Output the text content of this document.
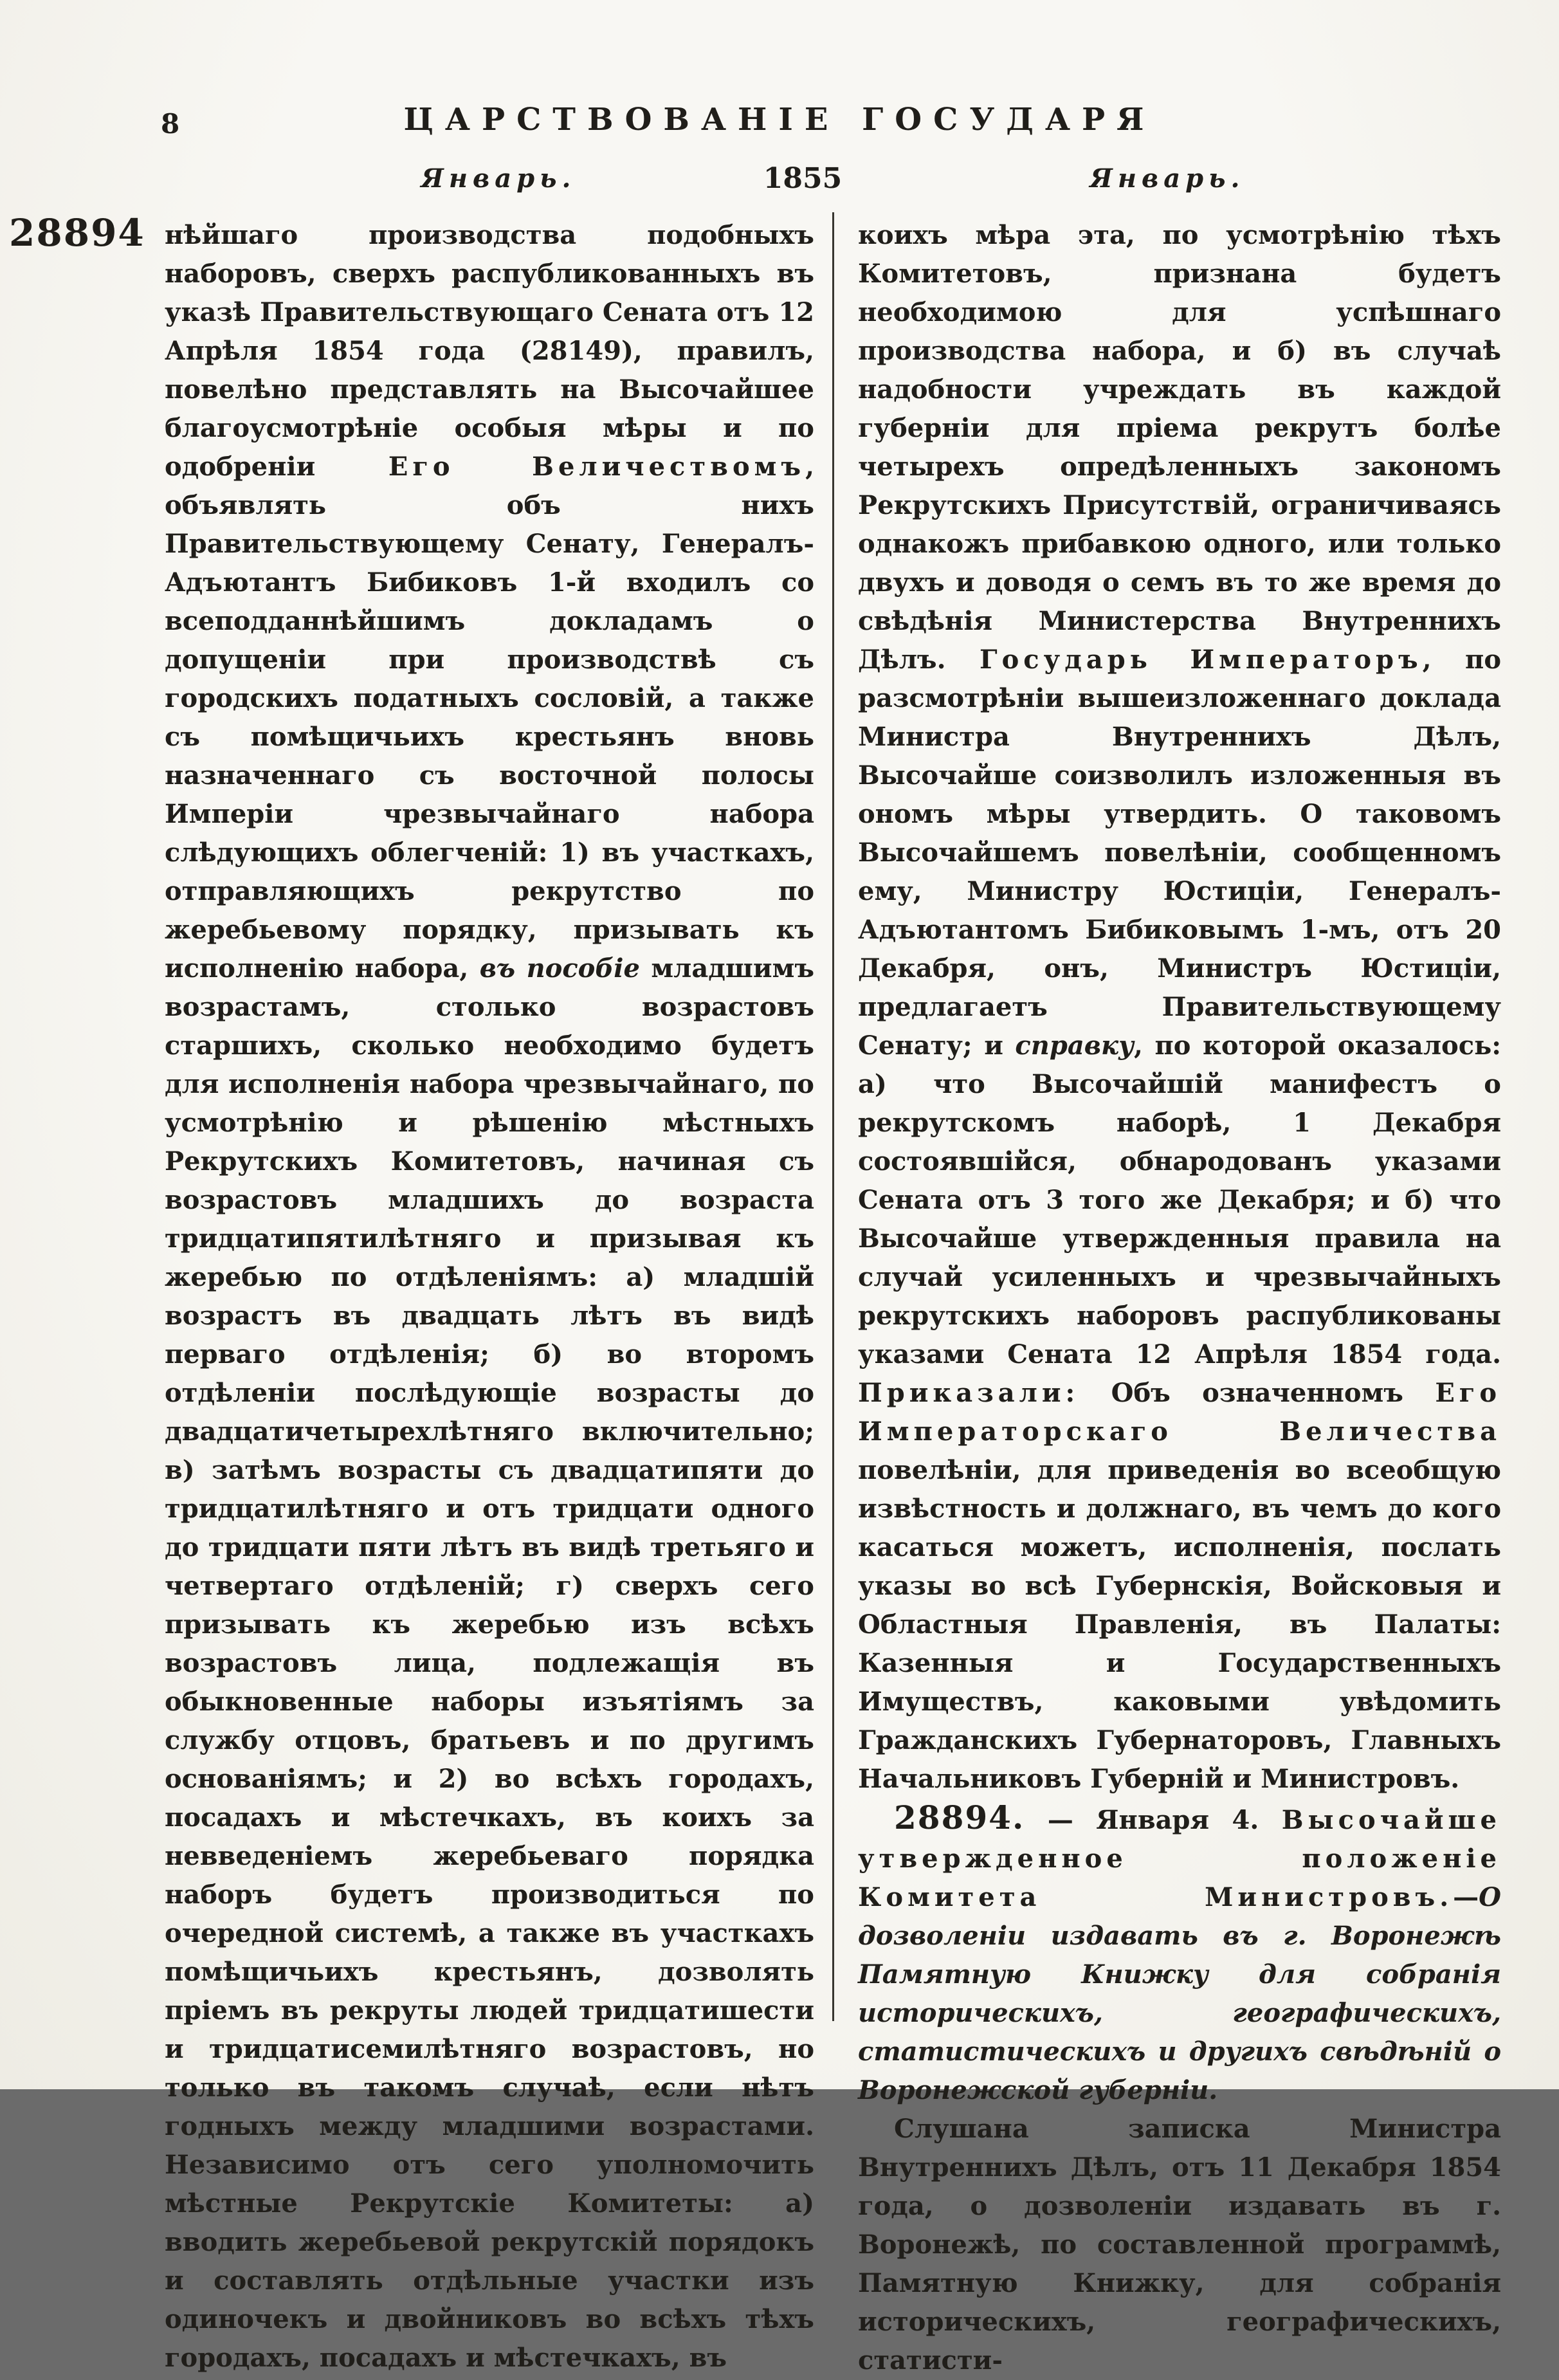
8	ЦАРСТВОВАНІЕ ГОСУДАРЯ
Январь.	1855	Январь.
28894 нѣйшаго производства подобныхъ наборовъ, сверхъ распубликованныхъ въ указѣ Правительствующаго Сената отъ 12 Апрѣля 1854 года (28149), правилъ, повелѣно представлять на Высочайшее благоусмотрѣніе особыя мѣры и по одобреніи Его Величествомъ, объявлять объ нихъ Правительствующему Сенату, Генералъ-Адъютантъ Бибиковъ 1-й входилъ со всеподданнѣйшимъ докладамъ о допущеніи при производствѣ съ городскихъ податныхъ сословій, а также съ помѣщичьихъ крестьянъ вновь назначеннаго съ восточной полосы Имперіи чрезвычайнаго набора слѣдующихъ облегченій: 1) въ участкахъ, отправляющихъ рекрутство по жеребьевому порядку, призывать къ исполненію набора, въ пособіе младшимъ возрастамъ, столько возрастовъ старшихъ, сколько необходимо будетъ для исполненія набора чрезвычайнаго, по усмотрѣнію и рѣшенію мѣстныхъ Рекрутскихъ Комитетовъ, начиная съ возрастовъ младшихъ до возраста тридцатипятилѣтняго и призывая къ жеребью по отдѣленіямъ: а) младшій возрастъ въ двадцать лѣтъ въ видѣ перваго отдѣленія; б) во второмъ отдѣленіи послѣдующіе возрасты до двадцатичетырехлѣтняго включительно; в) затѣмъ возрасты съ двадцатипяти до тридцатилѣтняго и отъ тридцати одного до тридцати пяти лѣтъ въ видѣ третьяго и четвертаго отдѣленій; г) сверхъ сего призывать къ жеребью изъ всѣхъ возрастовъ лица, подлежащія въ обыкновенные наборы изъятіямъ за службу отцовъ, братьевъ и по другимъ основаніямъ; и 2) во всѣхъ городахъ, посадахъ и мѣстечкахъ, въ коихъ за невведеніемъ жеребьеваго порядка наборъ будетъ производиться по очередной системѣ, а также въ участкахъ помѣщичьихъ крестьянъ, дозволять пріемъ въ рекруты людей тридцатишести и тридцатисемилѣтняго возрастовъ, но только въ такомъ случаѣ, если нѣтъ годныхъ между младшими возрастами. Независимо отъ сего уполномочить мѣстные Рекрутскіе Комитеты: а) вводить жеребьевой рекрутскій порядокъ и составлять отдѣльные участки изъ одиночекъ и двойниковъ во всѣхъ тѣхъ городахъ, посадахъ и мѣстечкахъ, въ

коихъ мѣра эта, по усмотрѣнію тѣхъ Комитетовъ, признана будетъ необходимою для успѣшнаго производства набора, и б) въ случаѣ надобности учреждать въ каждой губерніи для пріема рекрутъ болѣе четырехъ опредѣленныхъ закономъ Рекрутскихъ Присутствій, ограничиваясь однакожъ прибавкою одного, или только двухъ и доводя о семъ въ то же время до свѣдѣнія Министерства Внутреннихъ Дѣлъ. Государь Императоръ, по разсмотрѣніи вышеизложеннаго доклада Министра Внутреннихъ Дѣлъ, Высочайше соизволилъ изложенныя въ ономъ мѣры утвердить. О таковомъ Высочайшемъ повелѣніи, сообщенномъ ему, Министру Юстиціи, Генералъ-Адъютантомъ Бибиковымъ 1-мъ, отъ 20 Декабря, онъ, Министръ Юстиціи, предлагаетъ Правительствующему Сенату; и справку, по которой оказалось: а) что Высочайшій манифестъ о рекрутскомъ наборѣ, 1 Декабря состоявшійся, обнародованъ указами Сената отъ 3 того же Декабря; и б) что Высочайше утвержденныя правила на случай усиленныхъ и чрезвычайныхъ рекрутскихъ наборовъ распубликованы указами Сената 12 Апрѣля 1854 года. Приказали: Объ означенномъ Его Императорскаго Величества повелѣніи, для приведенія во всеобщую извѣстность и должнаго, въ чемъ до кого касаться можетъ, исполненія, послать указы во всѣ Губернскія, Войсковыя и Областныя Правленія, въ Палаты: Казенныя и Государственныхъ Имуществъ, каковыми увѣдомить Гражданскихъ Губернаторовъ, Главныхъ Начальниковъ Губерній и Министровъ.

28894. — Января 4. Высочайше утвержденное положеніе Комитета Министровъ.—О дозволеніи издавать въ г. Воронежѣ Памятную Книжку для собранія историческихъ, географическихъ, статистическихъ и другихъ свѣдѣній о Воронежской губерніи.

Слушана записка Министра Внутреннихъ Дѣлъ, отъ 11 Декабря 1854 года, о дозволеніи издавать въ г. Воронежѣ, по составленной программѣ, Памятную Книжку, для собранія историческихъ, географическихъ, статисти-
